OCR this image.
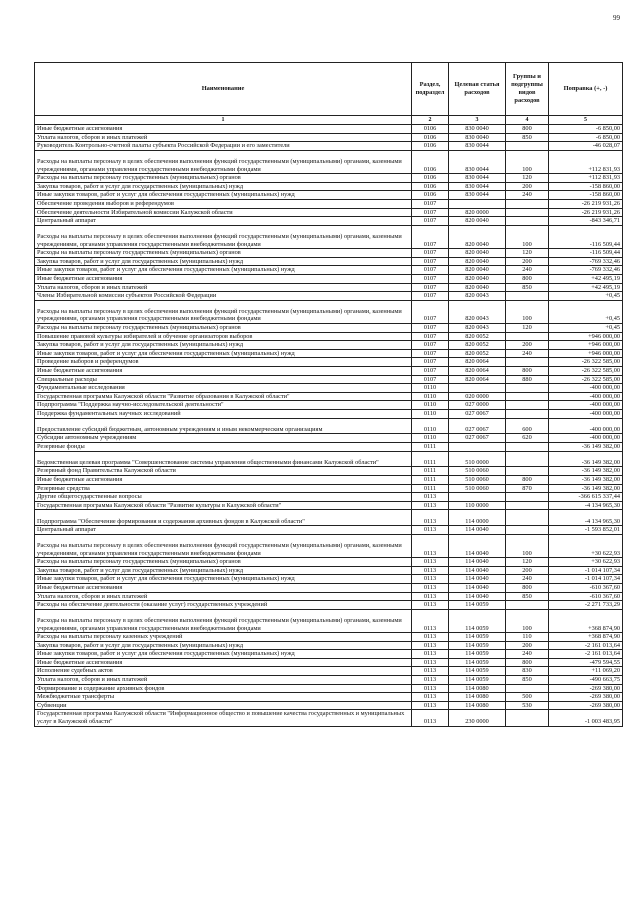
99
Наименование	Раздел, подраздел	Целевая статья расходов	Группы и подгруппы видов расходов	Поправка (+, -)
1	2	3	4	5
Иные бюджетные ассигнования	0106	830 0040	800	-6 850,00
Уплата налогов, сборов и иных платежей	0106	830 0040	850	-6 850,00
Руководитель Контрольно-счетной палаты субъекта Российской Федерации и его заместители	0106	830 0044		-46 028,07
Расходы на выплаты персоналу в целях обеспечения выполнения функций государственными (муниципальными) органами, казенными учреждениями, органами управления государственными внебюджетными фондами	0106	830 0044	100	+112 831,93
Расходы на выплаты персоналу государственных (муниципальных) органов	0106	830 0044	120	+112 831,93
Закупка товаров, работ и услуг для государственных (муниципальных) нужд	0106	830 0044	200	-158 860,00
Иные закупки товаров, работ и услуг для обеспечения государственных (муниципальных) нужд	0106	830 0044	240	-158 860,00
Обеспечение проведения выборов и референдумов	0107			-26 219 931,26
Обеспечение деятельности Избирательной комиссии Калужской области	0107	820 0000		-26 219 931,26
Центральный аппарат	0107	820 0040		-843 346,71
Расходы на выплаты персоналу в целях обеспечения выполнения функций государственными (муниципальными) органами, казенными учреждениями, органами управления государственными внебюджетными фондами	0107	820 0040	100	-116 509,44
Расходы на выплаты персоналу государственных (муниципальных) органов	0107	820 0040	120	-116 509,44
Закупка товаров, работ и услуг для государственных (муниципальных) нужд	0107	820 0040	200	-769 332,46
Иные закупки товаров, работ и услуг для обеспечения государственных (муниципальных) нужд	0107	820 0040	240	-769 332,46
Иные бюджетные ассигнования	0107	820 0040	800	+42 495,19
Уплата налогов, сборов и иных платежей	0107	820 0040	850	+42 495,19
Члены Избирательной комиссии субъектов Российской Федерации	0107	820 0043		+0,45
Расходы на выплаты персоналу в целях обеспечения выполнения функций государственными (муниципальными) органами, казенными учреждениями, органами управления государственными внебюджетными фондами	0107	820 0043	100	+0,45
Расходы на выплаты персоналу государственных (муниципальных) органов	0107	820 0043	120	+0,45
Повышение правовой культуры избирателей и обучение организаторов выборов	0107	820 0052		+946 000,00
Закупка товаров, работ и услуг для государственных (муниципальных) нужд	0107	820 0052	200	+946 000,00
Иные закупки товаров, работ и услуг для обеспечения государственных (муниципальных) нужд	0107	820 0052	240	+946 000,00
Проведение выборов и референдумов	0107	820 0064		-26 322 585,00
Иные бюджетные ассигнования	0107	820 0064	800	-26 322 585,00
Специальные расходы	0107	820 0064	880	-26 322 585,00
Фундаментальные исследования	0110			-400 000,00
Государственная программа Калужской области "Развитие образования в Калужской области"	0110	020 0000		-400 000,00
Подпрограмма "Поддержка научно-исследовательской деятельности"	0110	027 0000		-400 000,00
Поддержка фундаментальных научных исследований	0110	027 0067		-400 000,00
Предоставление субсидий бюджетным, автономным учреждениям и иным некоммерческим организациям	0110	027 0067	600	-400 000,00
Субсидии автономным учреждениям	0110	027 0067	620	-400 000,00
Резервные фонды	0111			-36 149 382,00
Ведомственная целевая программа "Совершенствование системы управления общественными финансами Калужской области"	0111	510 0000		-36 149 382,00
Резервный фонд Правительства Калужской области	0111	510 0060		-36 149 382,00
Иные бюджетные ассигнования	0111	510 0060	800	-36 149 382,00
Резервные средства	0111	510 0060	870	-36 149 382,00
Другие общегосударственные вопросы	0113			-366 615 337,44
Государственная программа Калужской области "Развитие культуры в Калужской области"	0113	110 0000		-4 134 965,30
Подпрограмма "Обеспечение формирования и содержания архивных фондов в Калужской области"	0113	114 0000		-4 134 965,30
Центральный аппарат	0113	114 0040		-1 593 852,01
Расходы на выплаты персоналу в целях обеспечения выполнения функций государственными (муниципальными) органами, казенными учреждениями, органами управления государственными внебюджетными фондами	0113	114 0040	100	+30 622,93
Расходы на выплаты персоналу государственных (муниципальных) органов	0113	114 0040	120	+30 622,93
Закупка товаров, работ и услуг для государственных (муниципальных) нужд	0113	114 0040	200	-1 014 107,34
Иные закупки товаров, работ и услуг для обеспечения государственных (муниципальных) нужд	0113	114 0040	240	-1 014 107,34
Иные бюджетные ассигнования	0113	114 0040	800	-610 367,60
Уплата налогов, сборов и иных платежей	0113	114 0040	850	-610 367,60
Расходы на обеспечение деятельности (оказание услуг) государственных учреждений	0113	114 0059		-2 271 733,29
Расходы на выплаты персоналу в целях обеспечения выполнения функций государственными (муниципальными) органами, казенными учреждениями, органами управления государственными внебюджетными фондами	0113	114 0059	100	+368 874,90
Расходы на выплаты персоналу казенных учреждений	0113	114 0059	110	+368 874,90
Закупка товаров, работ и услуг для государственных (муниципальных) нужд	0113	114 0059	200	-2 161 013,64
Иные закупки товаров, работ и услуг для обеспечения государственных (муниципальных) нужд	0113	114 0059	240	-2 161 013,64
Иные бюджетные ассигнования	0113	114 0059	800	-479 594,55
Исполнение судебных актов	0113	114 0059	830	+11 069,20
Уплата налогов, сборов и иных платежей	0113	114 0059	850	-490 663,75
Формирование и содержание архивных фондов	0113	114 0080		-269 380,00
Межбюджетные трансферты	0113	114 0080	500	-269 380,00
Субвенции	0113	114 0080	530	-269 380,00
Государственная программа Калужской области "Информационное общество и повышение качества государственных и муниципальных услуг в Калужской области"	0113	230 0000		-1 003 483,95
